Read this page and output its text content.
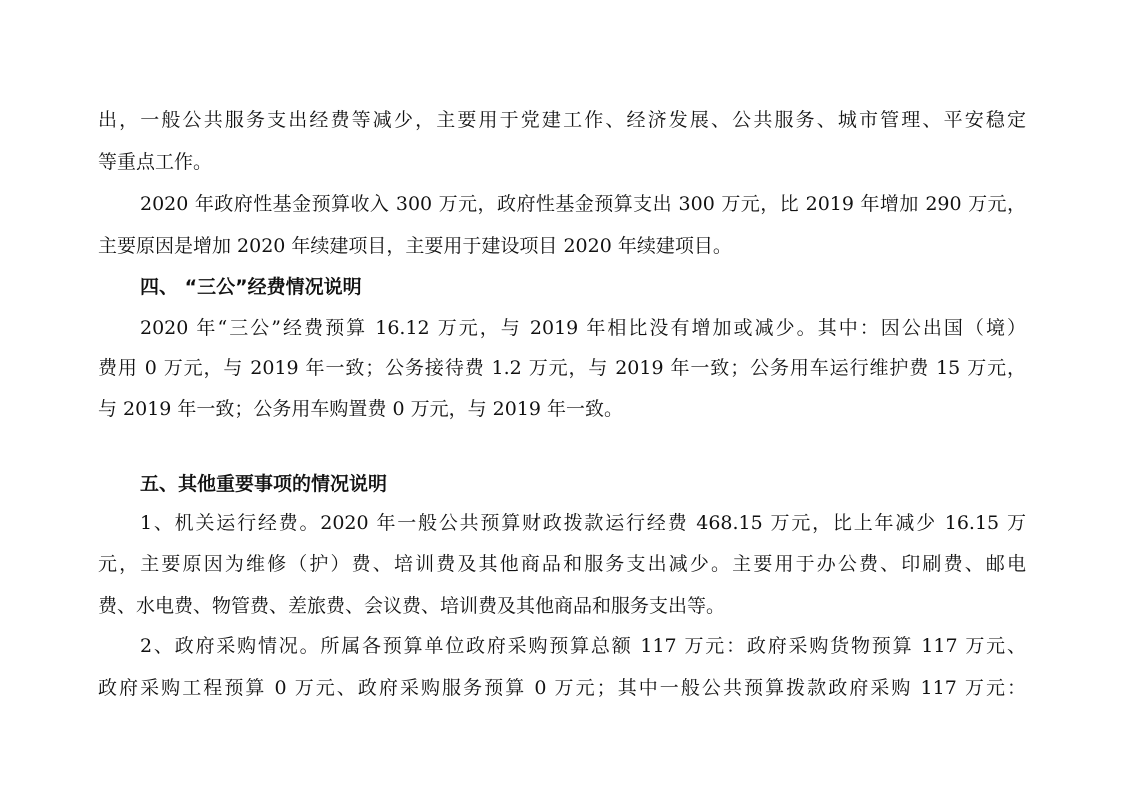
出，一般公共服务支出经费等减少，主要用于党建工作、经济发展、公共服务、城市管理、平安稳定
等重点工作。
2020 年政府性基金预算收入 300 万元，政府性基金预算支出 300 万元，比 2019 年增加 290 万元，
主要原因是增加 2020 年续建项目，主要用于建设项目 2020 年续建项目。
四、 “三公”经费情况说明
2020 年“三公”经费预算 16.12 万元，与 2019 年相比没有增加或减少。其中：因公出国（境）
费用 0 万元，与 2019 年一致；公务接待费 1.2 万元，与 2019 年一致；公务用车运行维护费 15 万元，
与 2019 年一致；公务用车购置费 0 万元，与 2019 年一致。
五、其他重要事项的情况说明
1、机关运行经费。2020 年一般公共预算财政拨款运行经费 468.15 万元，比上年减少 16.15 万
元，主要原因为维修（护）费、培训费及其他商品和服务支出减少。主要用于办公费、印刷费、邮电
费、水电费、物管费、差旅费、会议费、培训费及其他商品和服务支出等。
2、政府采购情况。所属各预算单位政府采购预算总额 117 万元：政府采购货物预算 117 万元、
政府采购工程预算 0 万元、政府采购服务预算 0 万元；其中一般公共预算拨款政府采购 117 万元：
